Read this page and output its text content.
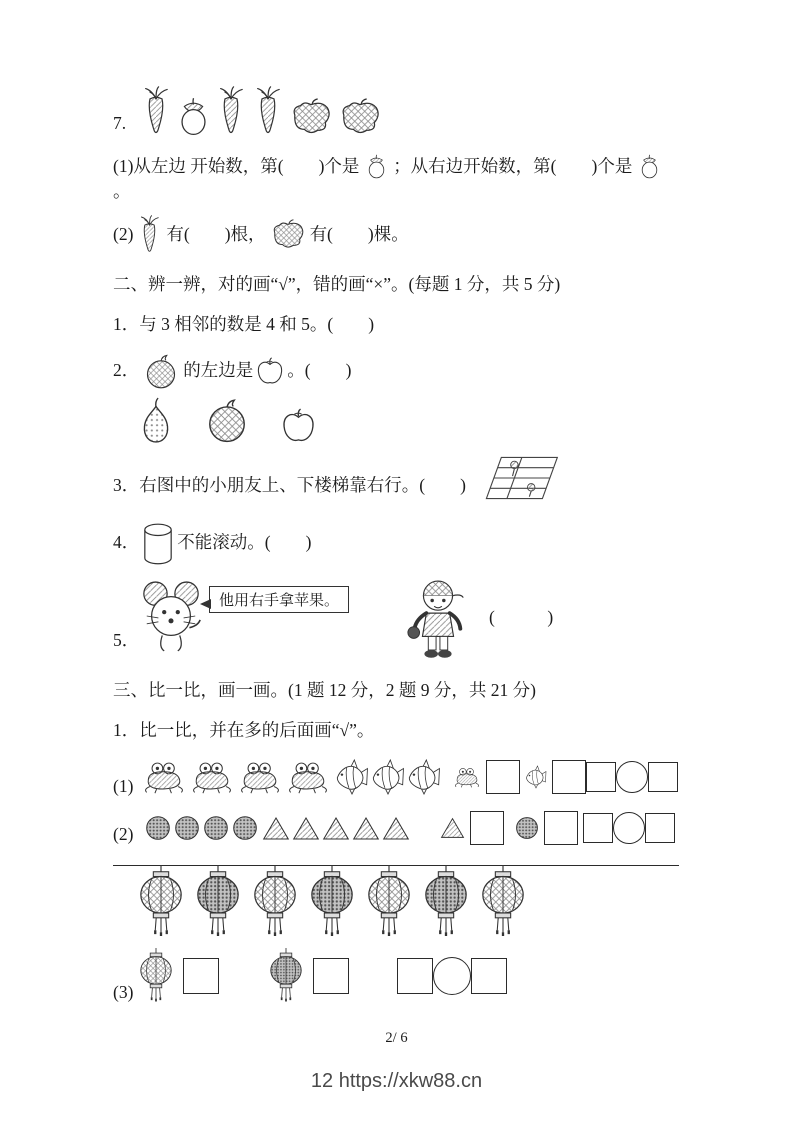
7.
(1)从左边 开始数，第(　　)个是 ；从右边开始数，第(　　)个是  。
(2) 有(　　)根，	有(　　)棵。
二、辨一辨，对的画“√”，错的画“×”。(每题 1 分，共 5 分)
1．与 3 相邻的数是 4 和 5。(　　)
2．	的左边是 。(　　)
3．右图中的小朋友上、下楼梯靠右行。(　　)
4． 不能滚动。(　　)
5．
他用右手拿苹果。
(　　　)
三、比一比，画一画。(1 题 12 分，2 题 9 分，共 21 分)
1．比一比，并在多的后面画“√”。
(1)
(2)
(3)
2/ 6
12 https://xkw88.cn
